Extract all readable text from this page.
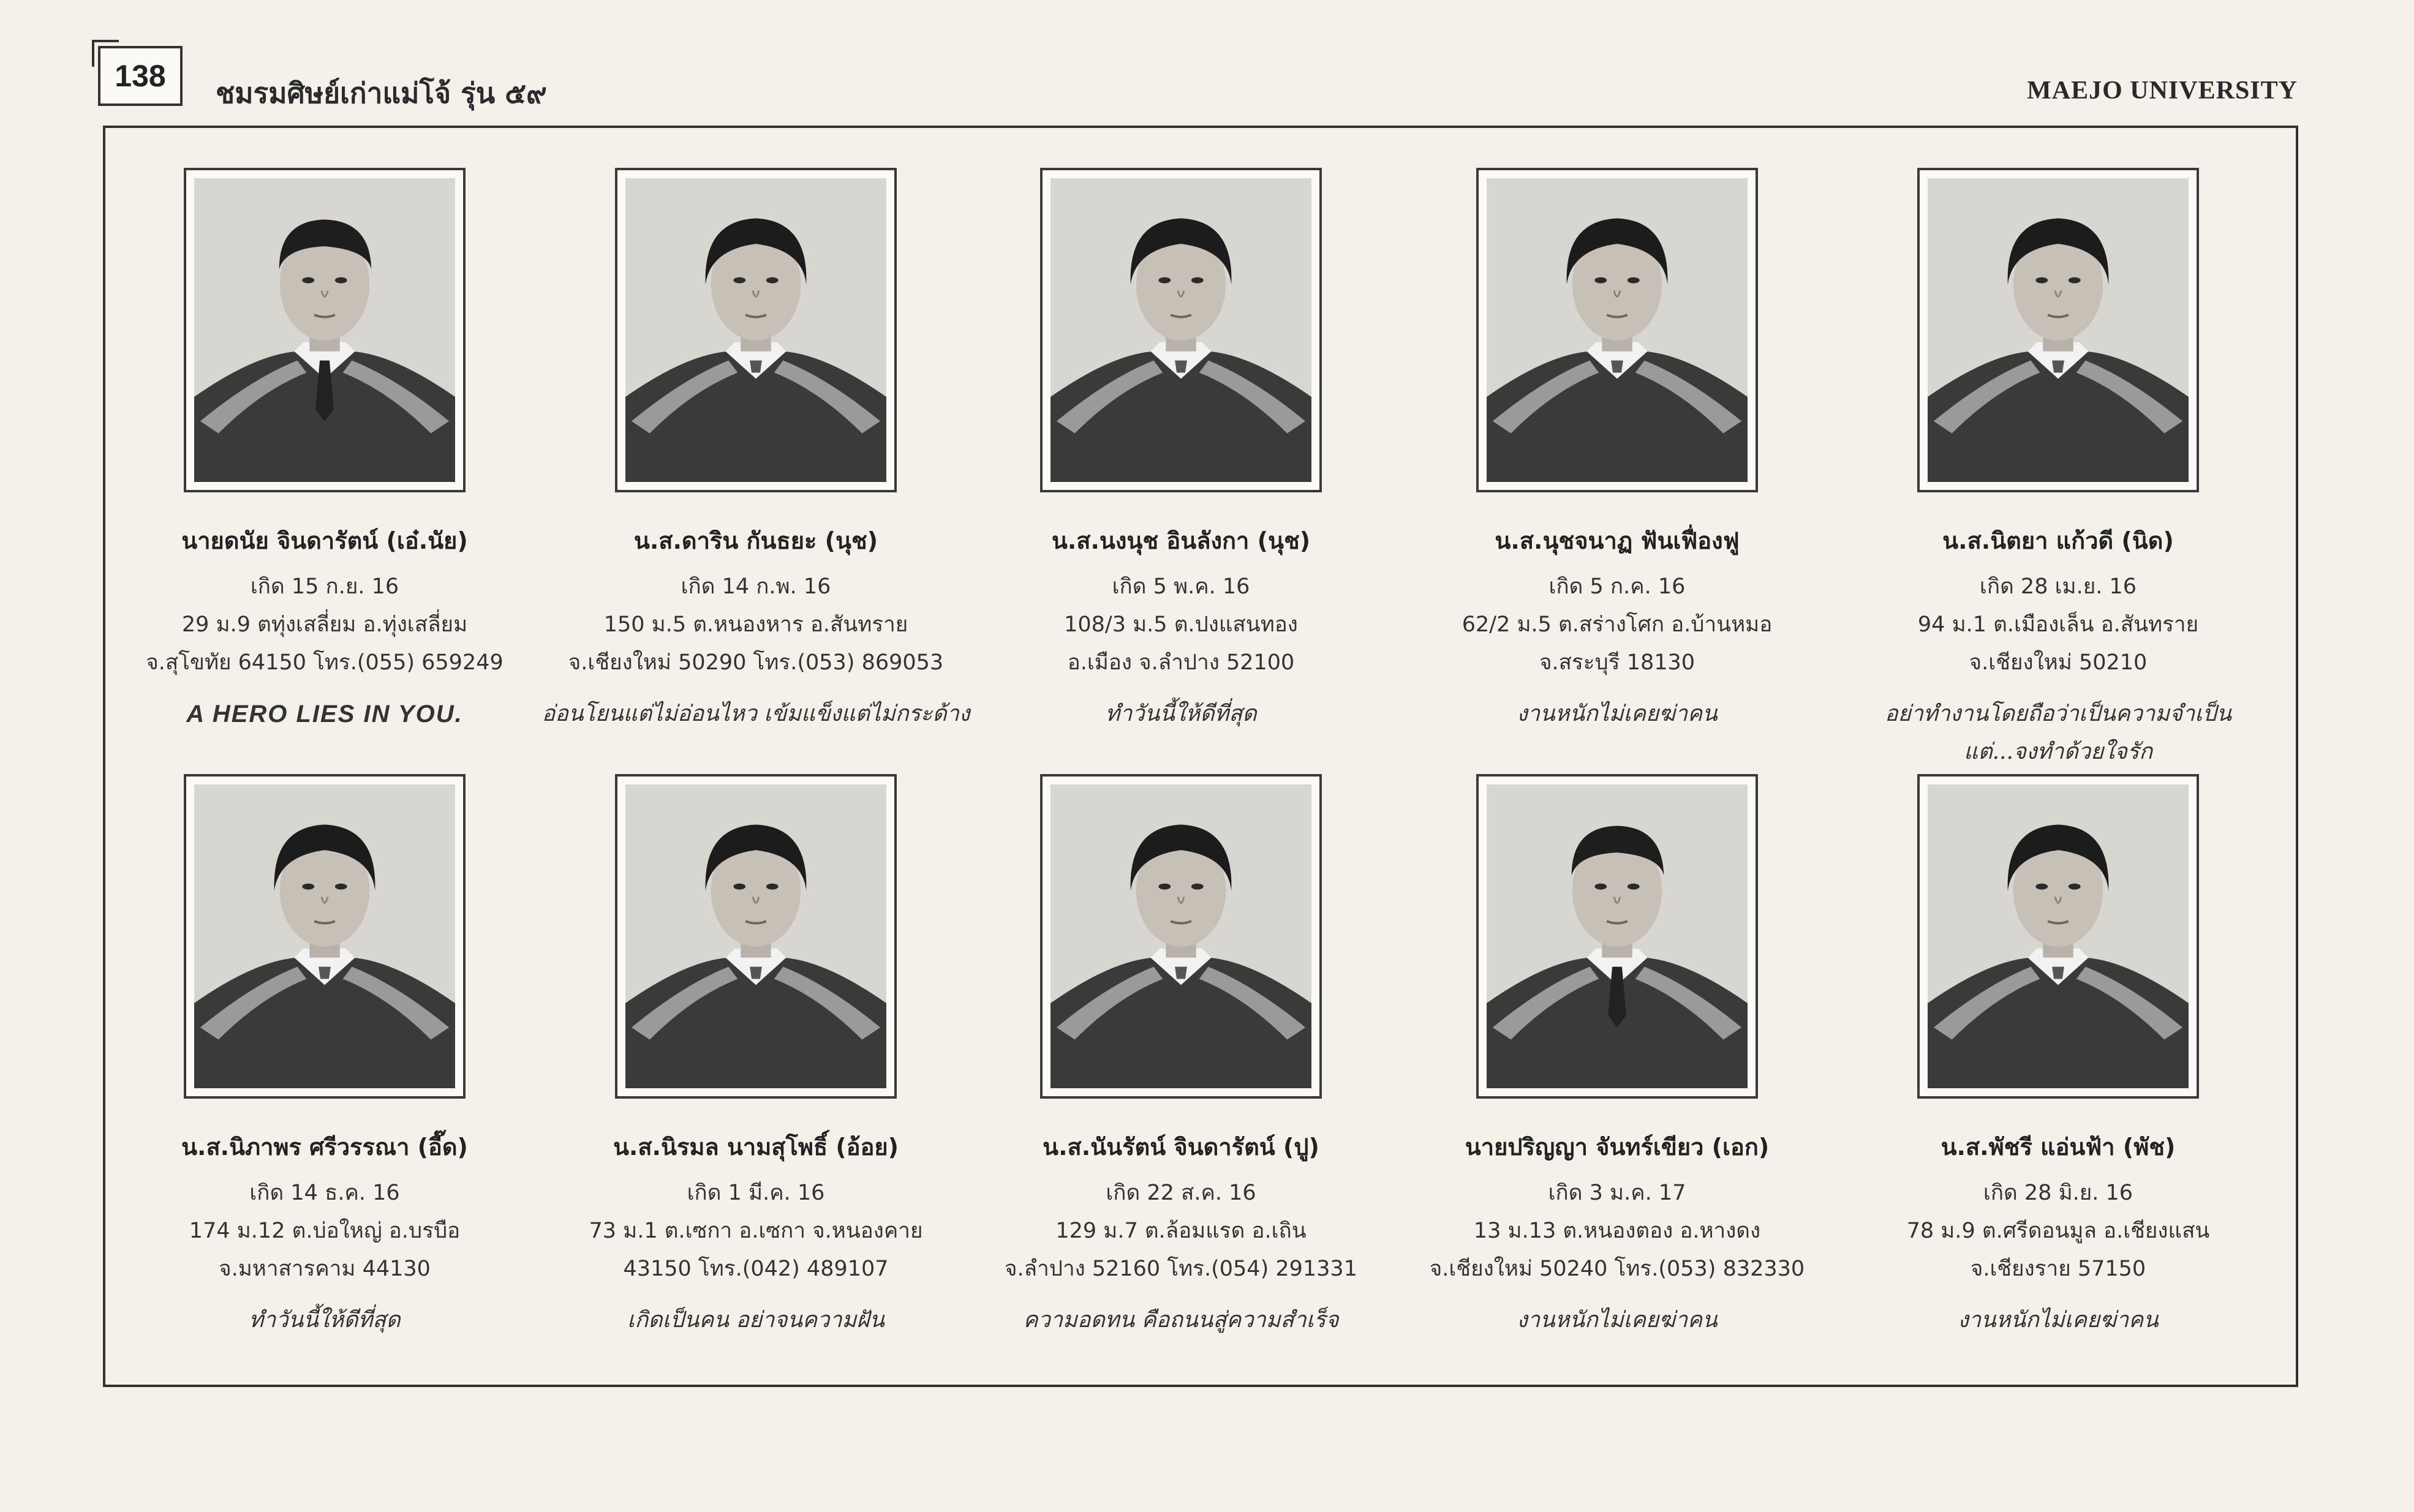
138	ชมรมศิษย์เก่าแม่โจ้ รุ่น ๕๙	MAEJO UNIVERSITY
นายดนัย จินดารัตน์ (เอ๋.นัย)
เกิด 15 ก.ย. 16
29 ม.9 ตทุ่งเสลี่ยม อ.ทุ่งเสลี่ยม
จ.สุโขทัย 64150 โทร.(055) 659249
A HERO LIES IN YOU.
น.ส.ดาริน กันธยะ (นุช)
เกิด 14 ก.พ. 16
150 ม.5 ต.หนองหาร อ.สันทราย
จ.เชียงใหม่ 50290 โทร.(053) 869053
อ่อนโยนแต่ไม่อ่อนไหว เข้มแข็งแต่ไม่กระด้าง
น.ส.นงนุช อินลังกา (นุช)
เกิด 5 พ.ค. 16
108/3 ม.5 ต.ปงแสนทอง
อ.เมือง จ.ลำปาง 52100
ทำวันนี้ให้ดีที่สุด
น.ส.นุชจนาฏ ฟันเฟื่องฟู
เกิด 5 ก.ค. 16
62/2 ม.5 ต.สร่างโศก อ.บ้านหมอ
จ.สระบุรี 18130
งานหนักไม่เคยฆ่าคน
น.ส.นิตยา แก้วดี (นิด)
เกิด 28 เม.ย. 16
94 ม.1 ต.เมืองเล็น อ.สันทราย
จ.เชียงใหม่ 50210
อย่าทำงานโดยถือว่าเป็นความจำเป็น
แต่...จงทำด้วยใจรัก
น.ส.นิภาพร ศรีวรรณา (อี๊ด)
เกิด 14 ธ.ค. 16
174 ม.12 ต.บ่อใหญ่ อ.บรบือ
จ.มหาสารคาม 44130
ทำวันนี้ให้ดีที่สุด
น.ส.นิรมล นามสุโพธิ์ (อ้อย)
เกิด 1 มี.ค. 16
73 ม.1 ต.เซกา อ.เซกา จ.หนองคาย
43150 โทร.(042) 489107
เกิดเป็นคน อย่าจนความฝัน
น.ส.นันรัตน์ จินดารัตน์ (ปู)
เกิด 22 ส.ค. 16
129 ม.7 ต.ล้อมแรด อ.เถิน
จ.ลำปาง 52160 โทร.(054) 291331
ความอดทน คือถนนสู่ความสำเร็จ
นายปริญญา จันทร์เขียว (เอก)
เกิด 3 ม.ค. 17
13 ม.13 ต.หนองตอง อ.หางดง
จ.เชียงใหม่ 50240 โทร.(053) 832330
งานหนักไม่เคยฆ่าคน
น.ส.พัชรี แอ่นฟ้า (พัช)
เกิด 28 มิ.ย. 16
78 ม.9 ต.ศรีดอนมูล อ.เชียงแสน
จ.เชียงราย 57150
งานหนักไม่เคยฆ่าคน
